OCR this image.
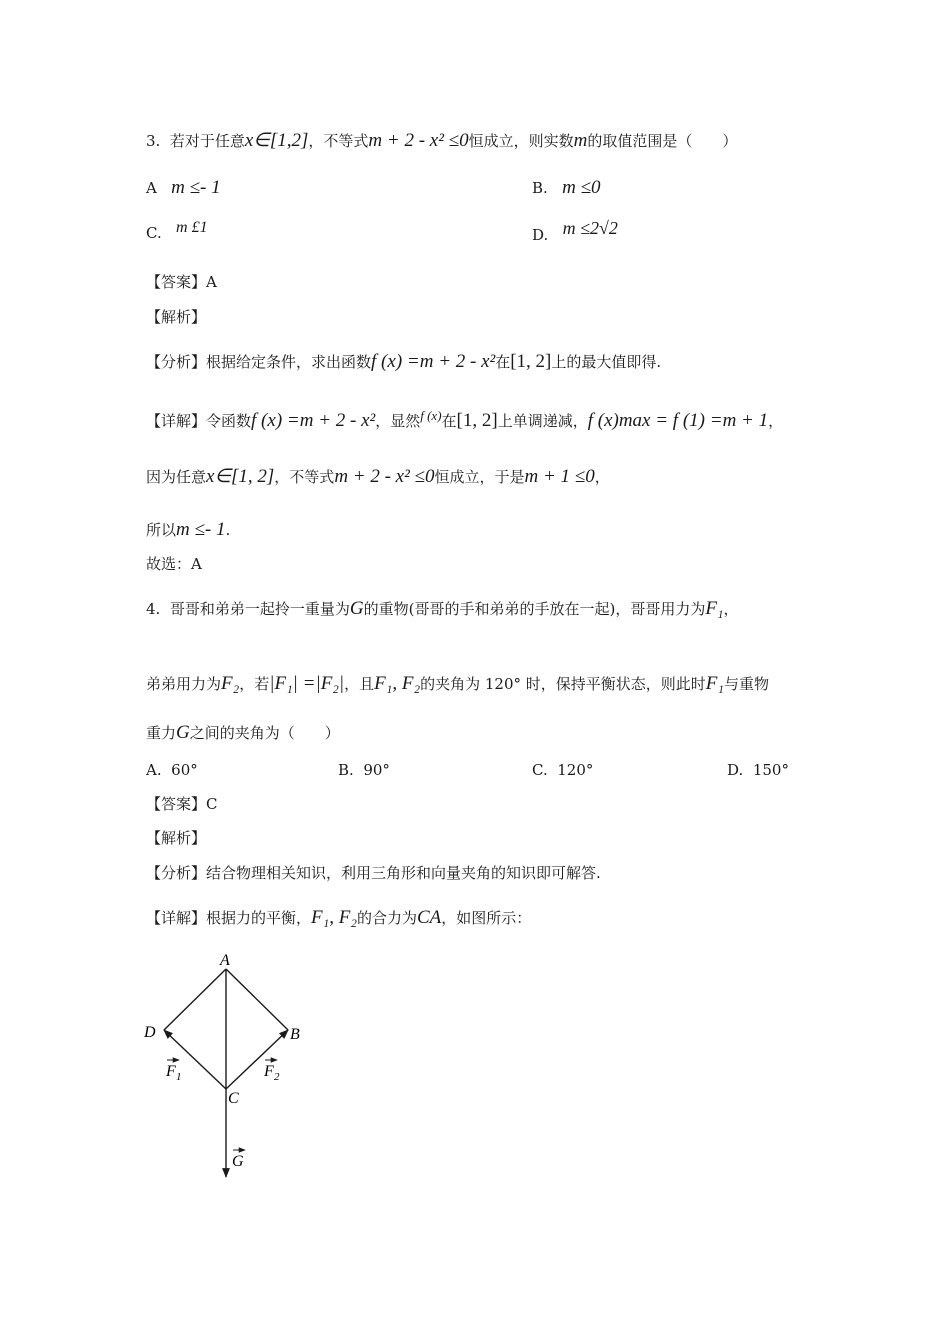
3. 若对于任意x∈[1,2]，不等式m + 2 - x² ≤0恒成立，则实数m的取值范围是（　　）
A m ≤- 1	B. m ≤0
C. m £1	D. m ≤2√2
【答案】A
【解析】
【分析】根据给定条件，求出函数f (x) =m + 2 - x²在[1, 2]上的最大值即得.
【详解】令函数f (x) =m + 2 - x²，显然f (x)在[1, 2]上单调递减，f (x)max = f (1) =m + 1，
因为任意x∈[1, 2]，不等式m + 2 - x² ≤0恒成立，于是m + 1 ≤0，
所以m ≤- 1.
故选：A
4. 哥哥和弟弟一起拎一重量为G的重物(哥哥的手和弟弟的手放在一起)，哥哥用力为F₁，
弟弟用力为F₂，若|F₁| =|F₂|，且F₁, F₂的夹角为 120° 时，保持平衡状态，则此时F₁与重物
重力G之间的夹角为（　　）
A. 60°	B. 90°	C. 120°	D. 150°
【答案】C
【解析】
【分析】结合物理相关知识，利用三角形和向量夹角的知识即可解答.
【详解】根据力的平衡，F₁, F₂的合力为CA，如图所示：
A
B
D
C
F 1	F 2
G
